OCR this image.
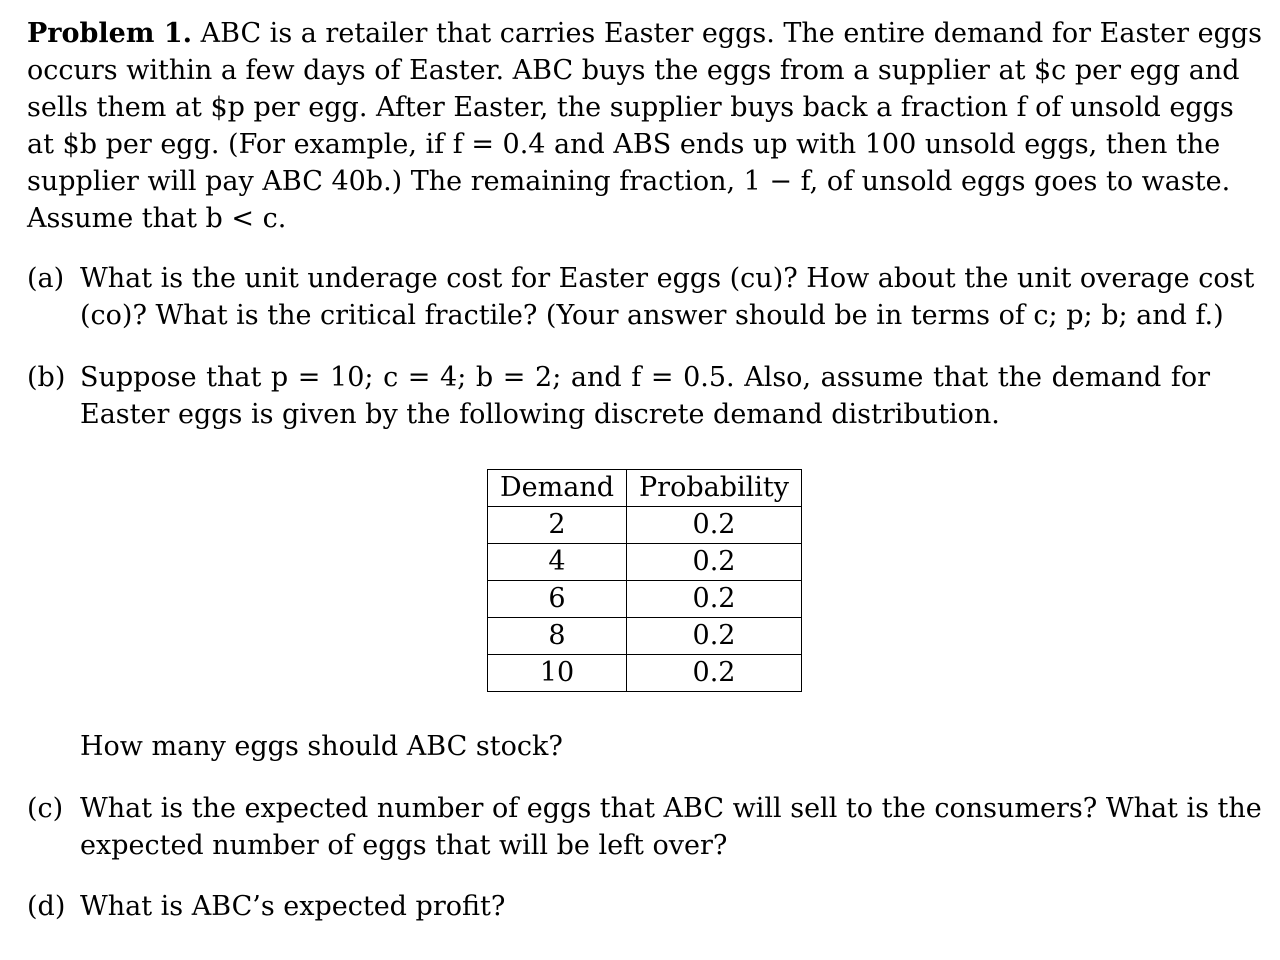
Problem 1. ABC is a retailer that carries Easter eggs. The entire demand for Easter eggs
occurs within a few days of Easter. ABC buys the eggs from a supplier at $c per egg and
sells them at $p per egg. After Easter, the supplier buys back a fraction f of unsold eggs
at $b per egg. (For example, if f = 0.4 and ABS ends up with 100 unsold eggs, then the
supplier will pay ABC 40b.) The remaining fraction, 1 − f, of unsold eggs goes to waste.
Assume that b < c.
(a) What is the unit underage cost for Easter eggs (cu)? How about the unit overage cost
(co)? What is the critical fractile? (Your answer should be in terms of c; p; b; and f.)
(b) Suppose that p = 10; c = 4; b = 2; and f = 0.5. Also, assume that the demand for
Easter eggs is given by the following discrete demand distribution.
Demand	Probability
2	0.2
4	0.2
6	0.2
8	0.2
10	0.2
How many eggs should ABC stock?
(c) What is the expected number of eggs that ABC will sell to the consumers? What is the
expected number of eggs that will be left over?
(d) What is ABC’s expected profit?
